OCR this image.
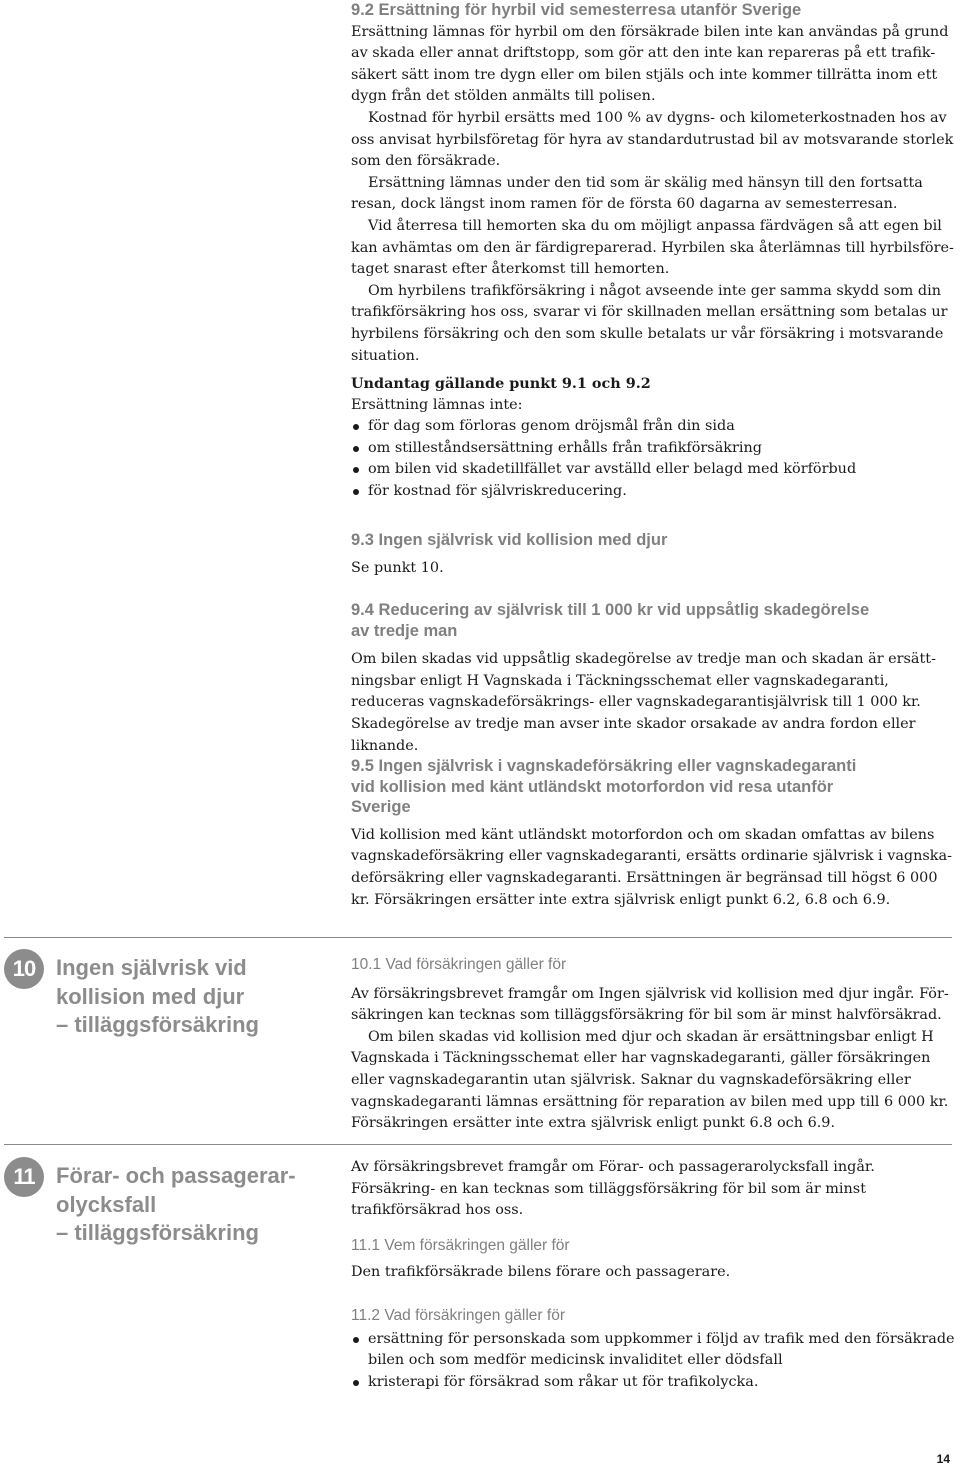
9.2 Ersättning för hyrbil vid semesterresa utanför Sverige

Ersättning lämnas för hyrbil om den försäkrade bilen inte kan användas på grund av skada eller annat driftstopp, som gör att den inte kan repareras på ett trafik- säkert sätt inom tre dygn eller om bilen stjäls och inte kommer tillrätta inom ett dygn från det stölden anmälts till polisen.

Kostnad för hyrbil ersätts med 100 % av dygns- och kilometerkostnaden hos av oss anvisat hyrbilsföretag för hyra av standardutrustad bil av motsvarande storlek som den försäkrade.

Ersättning lämnas under den tid som är skälig med hänsyn till den fortsatta resan, dock längst inom ramen för de första 60 dagarna av semesterresan.

Vid återresa till hemorten ska du om möjligt anpassa färdvägen så att egen bil kan avhämtas om den är färdigreparerad. Hyrbilen ska återlämnas till hyrbilsföre- taget snarast efter återkomst till hemorten.

Om hyrbilens trafikförsäkring i något avseende inte ger samma skydd som din trafikförsäkring hos oss, svarar vi för skillnaden mellan ersättning som betalas ur hyrbilens försäkring och den som skulle betalats ur vår försäkring i motsvarande situation.

Undantag gällande punkt 9.1 och 9.2

Ersättning lämnas inte:

för dag som förloras genom dröjsmål från din sida
om stilleståndsersättning erhålls från trafikförsäkring
om bilen vid skadetillfället var avställd eller belagd med körförbud
för kostnad för självriskreducering.

9.3 Ingen självrisk vid kollision med djur

Se punkt 10.

9.4 Reducering av självrisk till 1 000 kr vid uppsåtlig skadegörelse
av tredje man

Om bilen skadas vid uppsåtlig skadegörelse av tredje man och skadan är ersätt- ningsbar enligt H Vagnskada i Täckningsschemat eller vagnskadegaranti, reduceras vagnskadeförsäkrings- eller vagnskadegarantisjälvrisk till 1 000 kr. Skadegörelse av tredje man avser inte skador orsakade av andra fordon eller liknande.

9.5 Ingen självrisk i vagnskadeförsäkring eller vagnskadegaranti
vid kollision med känt utländskt motorfordon vid resa utanför
Sverige

Vid kollision med känt utländskt motorfordon och om skadan omfattas av bilens vagnskadeförsäkring eller vagnskadegaranti, ersätts ordinarie självrisk i vagnska- deförsäkring eller vagnskadegaranti. Ersättningen är begränsad till högst 6 000 kr. Försäkringen ersätter inte extra självrisk enligt punkt 6.2, 6.8 och 6.9.

10 Ingen självrisk vid
kollision med djur
– tilläggsförsäkring

10.1 Vad försäkringen gäller för

Av försäkringsbrevet framgår om Ingen självrisk vid kollision med djur ingår. För- säkringen kan tecknas som tilläggsförsäkring för bil som är minst halvförsäkrad.

Om bilen skadas vid kollision med djur och skadan är ersättningsbar enligt H Vagnskada i Täckningsschemat eller har vagnskadegaranti, gäller försäkringen eller vagnskadegarantin utan självrisk. Saknar du vagnskadeförsäkring eller vagnskadegaranti lämnas ersättning för reparation av bilen med upp till 6 000 kr. Försäkringen ersätter inte extra självrisk enligt punkt 6.8 och 6.9.

11 Förar- och passagerar-
olycksfall
– tilläggsförsäkring

Av försäkringsbrevet framgår om Förar- och passagerarolycksfall ingår. Försäkring- en kan tecknas som tilläggsförsäkring för bil som är minst trafikförsäkrad hos oss.

11.1 Vem försäkringen gäller för

Den trafikförsäkrade bilens förare och passagerare.

11.2 Vad försäkringen gäller för

ersättning för personskada som uppkommer i följd av trafik med den försäkrade bilen och som medför medicinsk invaliditet eller dödsfall
kristerapi för försäkrad som råkar ut för trafikolycka.
14
